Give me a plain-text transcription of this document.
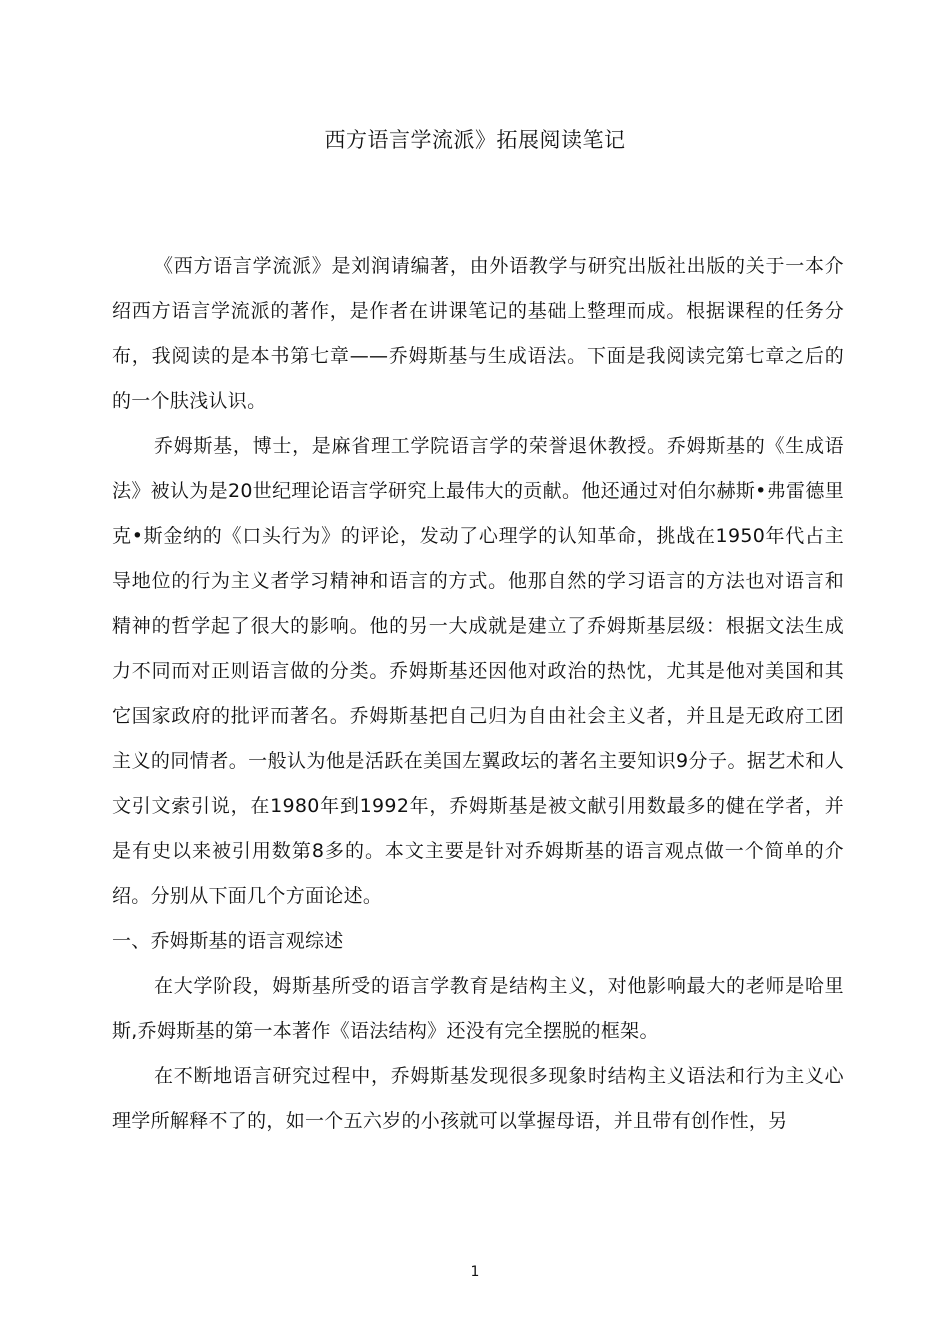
西方语言学流派》拓展阅读笔记

《西方语言学流派》是刘润请编著，由外语教学与研究出版社出版的关于一本介绍西方语言学流派的著作，是作者在讲课笔记的基础上整理而成。根据课程的任务分布，我阅读的是本书第七章——乔姆斯基与生成语法。下面是我阅读完第七章之后的的一个肤浅认识。

乔姆斯基，博士，是麻省理工学院语言学的荣誉退休教授。乔姆斯基的《生成语法》被认为是20世纪理论语言学研究上最伟大的贡献。他还通过对伯尔赫斯•弗雷德里克•斯金纳的《口头行为》的评论，发动了心理学的认知革命，挑战在1950年代占主导地位的行为主义者学习精神和语言的方式。他那自然的学习语言的方法也对语言和精神的哲学起了很大的影响。他的另一大成就是建立了乔姆斯基层级：根据文法生成力不同而对正则语言做的分类。乔姆斯基还因他对政治的热忱，尤其是他对美国和其它国家政府的批评而著名。乔姆斯基把自己归为自由社会主义者，并且是无政府工团主义的同情者。一般认为他是活跃在美国左翼政坛的著名主要知识9分子。据艺术和人文引文索引说，在1980年到1992年，乔姆斯基是被文献引用数最多的健在学者，并是有史以来被引用数第8多的。本文主要是针对乔姆斯基的语言观点做一个简单的介绍。分别从下面几个方面论述。

一、乔姆斯基的语言观综述

在大学阶段，姆斯基所受的语言学教育是结构主义，对他影响最大的老师是哈里斯,乔姆斯基的第一本著作《语法结构》还没有完全摆脱的框架。

在不断地语言研究过程中，乔姆斯基发现很多现象时结构主义语法和行为主义心理学所解释不了的，如一个五六岁的小孩就可以掌握母语，并且带有创作性，另

1
